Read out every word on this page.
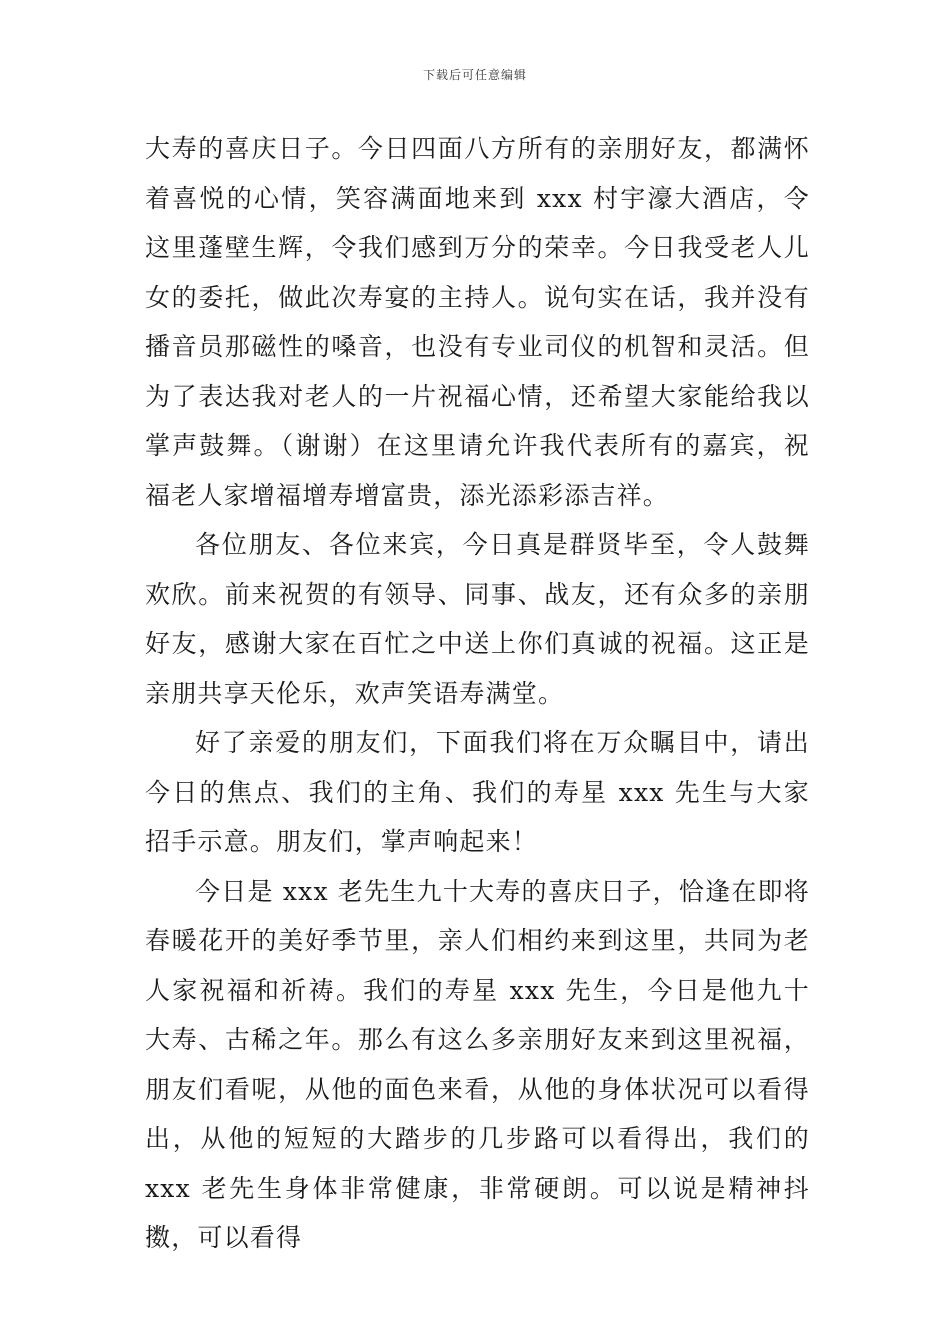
下载后可任意编辑

大寿的喜庆日子。今日四面八方所有的亲朋好友，都满怀着喜悦的心情，笑容满面地来到 xxx 村宇濠大酒店，令这里蓬壁生辉，令我们感到万分的荣幸。今日我受老人儿女的委托，做此次寿宴的主持人。说句实在话，我并没有播音员那磁性的嗓音，也没有专业司仪的机智和灵活。但为了表达我对老人的一片祝福心情，还希望大家能给我以掌声鼓舞。（谢谢）在这里请允许我代表所有的嘉宾，祝福老人家增福增寿增富贵，添光添彩添吉祥。

各位朋友、各位来宾，今日真是群贤毕至，令人鼓舞欢欣。前来祝贺的有领导、同事、战友，还有众多的亲朋好友，感谢大家在百忙之中送上你们真诚的祝福。这正是亲朋共享天伦乐，欢声笑语寿满堂。

好了亲爱的朋友们，下面我们将在万众瞩目中，请出今日的焦点、我们的主角、我们的寿星 xxx 先生与大家招手示意。朋友们，掌声响起来！

今日是 xxx 老先生九十大寿的喜庆日子，恰逢在即将春暖花开的美好季节里，亲人们相约来到这里，共同为老人家祝福和祈祷。我们的寿星 xxx 先生，今日是他九十大寿、古稀之年。那么有这么多亲朋好友来到这里祝福，朋友们看呢，从他的面色来看，从他的身体状况可以看得出，从他的短短的大踏步的几步路可以看得出，我们的 xxx 老先生身体非常健康，非常硬朗。可以说是精神抖擞，可以看得
